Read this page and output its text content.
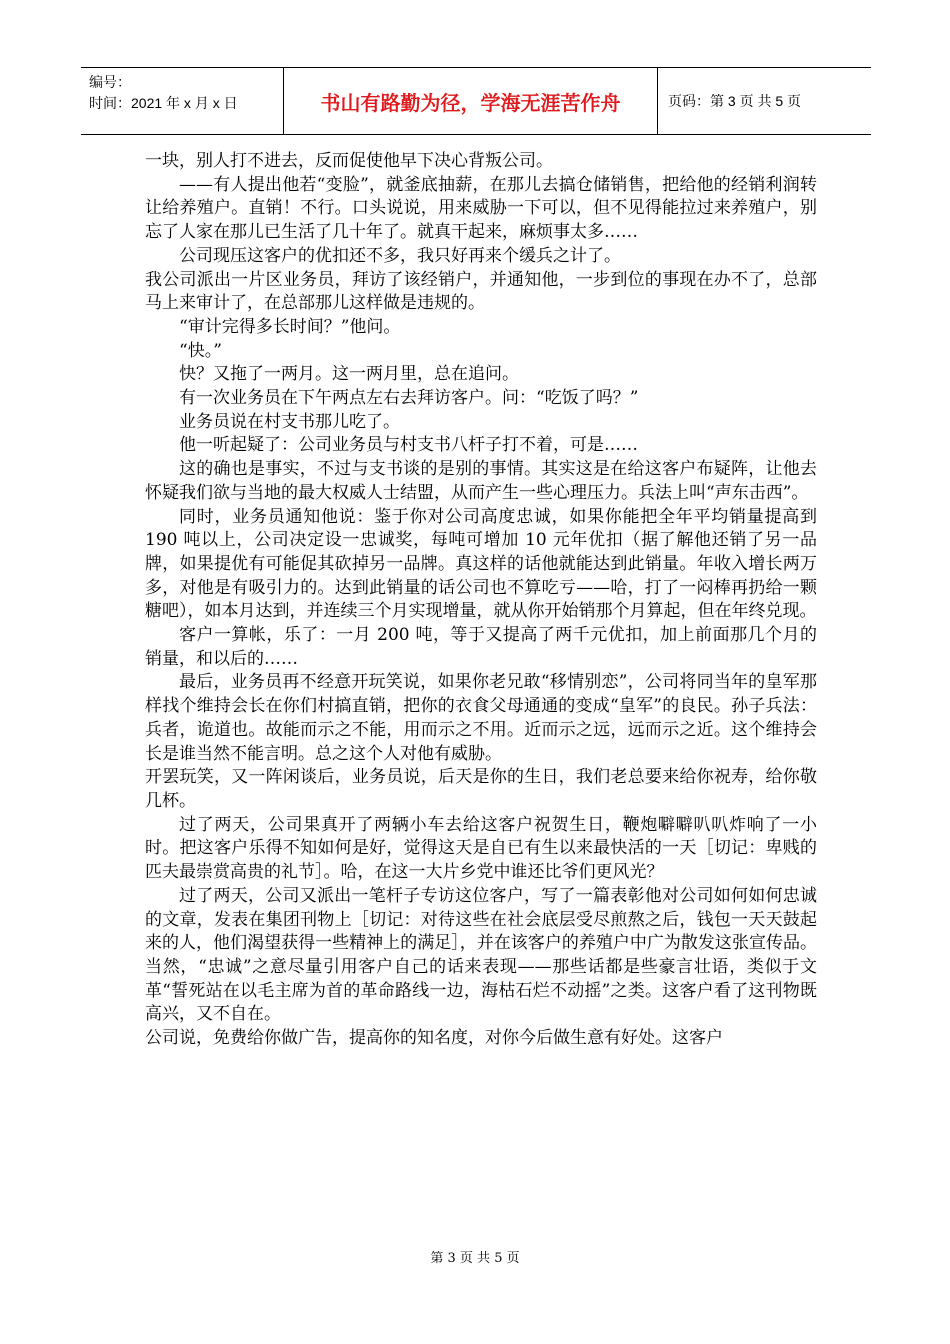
编号：
时间：2021 年 x 月 x 日	书山有路勤为径，学海无涯苦作舟	页码：第 3 页 共 5 页

一块，别人打不进去，反而促使他早下决心背叛公司。

——有人提出他若“变脸”，就釜底抽薪，在那儿去搞仓储销售，把给他的经销利润转让给养殖户。直销！不行。口头说说，用来威胁一下可以，但不见得能拉过来养殖户，别忘了人家在那儿已生活了几十年了。就真干起来，麻烦事太多……

公司现压这客户的优扣还不多，我只好再来个缓兵之计了。

我公司派出一片区业务员，拜访了该经销户，并通知他，一步到位的事现在办不了，总部马上来审计了，在总部那儿这样做是违规的。

“审计完得多长时间？”他问。

“快。”

快？又拖了一两月。这一两月里，总在追问。

有一次业务员在下午两点左右去拜访客户。问：“吃饭了吗？”

业务员说在村支书那儿吃了。

他一听起疑了：公司业务员与村支书八杆子打不着，可是……

这的确也是事实，不过与支书谈的是别的事情。其实这是在给这客户布疑阵，让他去怀疑我们欲与当地的最大权威人士结盟，从而产生一些心理压力。兵法上叫“声东击西”。

同时，业务员通知他说：鉴于你对公司高度忠诚，如果你能把全年平均销量提高到 190 吨以上，公司决定设一忠诚奖，每吨可增加 10 元年优扣（据了解他还销了另一品牌，如果提优有可能促其砍掉另一品牌。真这样的话他就能达到此销量。年收入增长两万多，对他是有吸引力的。达到此销量的话公司也不算吃亏——哈，打了一闷棒再扔给一颗糖吧），如本月达到，并连续三个月实现增量，就从你开始销那个月算起，但在年终兑现。

客户一算帐，乐了：一月 200 吨，等于又提高了两千元优扣，加上前面那几个月的销量，和以后的……

最后，业务员再不经意开玩笑说，如果你老兄敢“移情别恋”，公司将同当年的皇军那样找个维持会长在你们村搞直销，把你的衣食父母通通的变成“皇军”的良民。孙子兵法：兵者，诡道也。故能而示之不能，用而示之不用。近而示之远，远而示之近。这个维持会长是谁当然不能言明。总之这个人对他有威胁。

开罢玩笑，又一阵闲谈后，业务员说，后天是你的生日，我们老总要来给你祝寿，给你敬几杯。

过了两天，公司果真开了两辆小车去给这客户祝贺生日，鞭炮噼噼叭叭炸响了一小时。把这客户乐得不知如何是好，觉得这天是自已有生以来最快活的一天［切记：卑贱的匹夫最崇赏高贵的礼节］。哈，在这一大片乡党中谁还比爷们更风光？

过了两天，公司又派出一笔杆子专访这位客户，写了一篇表彰他对公司如何如何忠诚的文章，发表在集团刊物上［切记：对待这些在社会底层受尽煎熬之后，钱包一天天鼓起来的人，他们渴望获得一些精神上的满足］，并在该客户的养殖户中广为散发这张宣传品。当然，“忠诚”之意尽量引用客户自己的话来表现——那些话都是些豪言壮语，类似于文革“誓死站在以毛主席为首的革命路线一边，海枯石烂不动摇”之类。这客户看了这刊物既高兴，又不自在。

公司说，免费给你做广告，提高你的知名度，对你今后做生意有好处。这客户

第 3 页 共 5 页
